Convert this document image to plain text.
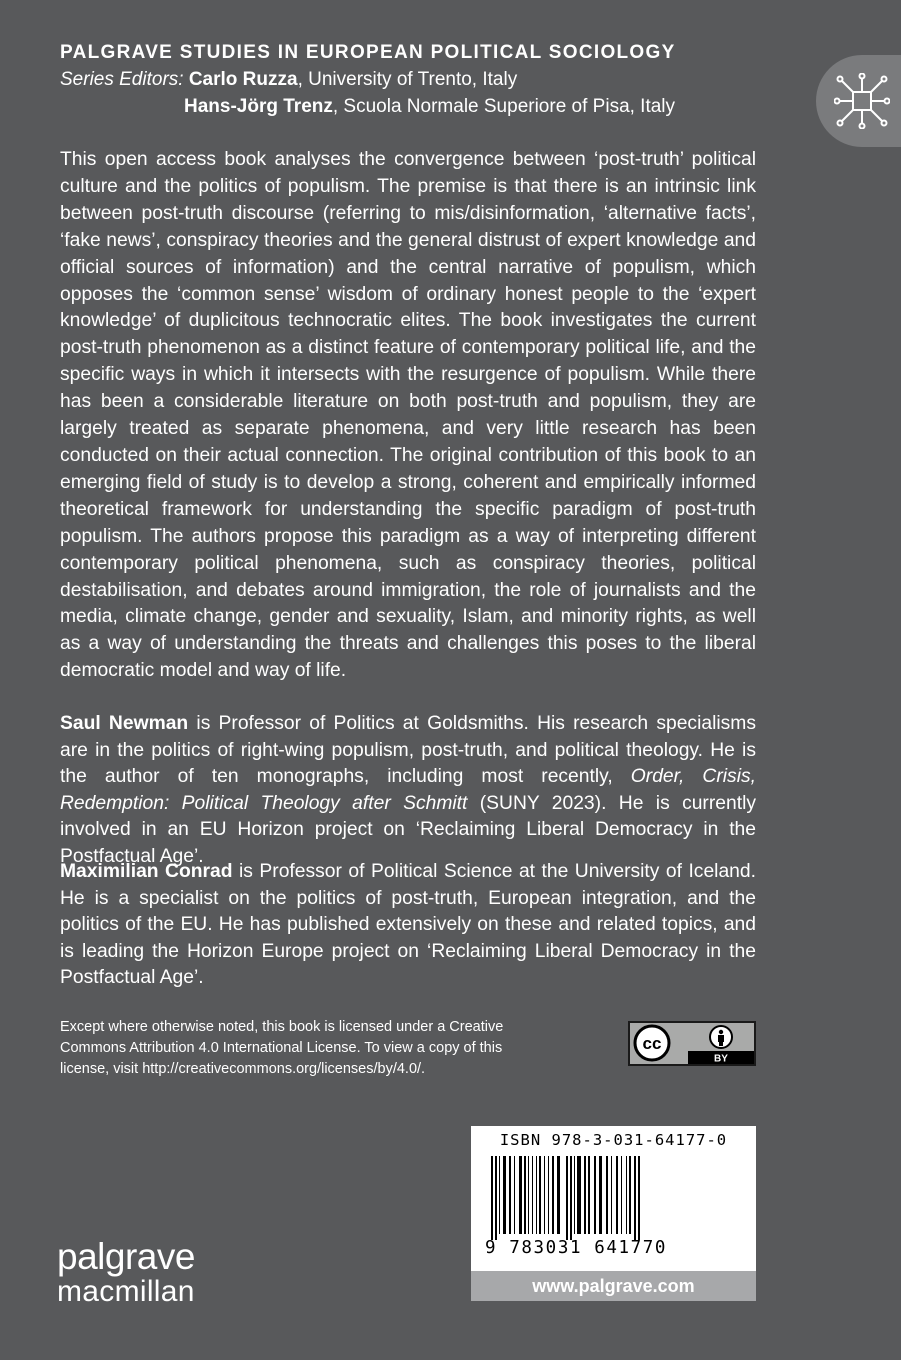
PALGRAVE STUDIES IN EUROPEAN POLITICAL SOCIOLOGY
Series Editors: Carlo Ruzza, University of Trento, Italy
Hans-Jörg Trenz, Scuola Normale Superiore of Pisa, Italy

This open access book analyses the convergence between ‘post-truth’ political culture and the politics of populism. The premise is that there is an intrinsic link between post-truth discourse (referring to mis/disinformation, ‘alternative facts’, ‘fake news’, conspiracy theories and the general distrust of expert knowledge and official sources of information) and the central narrative of populism, which opposes the ‘common sense’ wisdom of ordinary honest people to the ‘expert knowledge’ of duplicitous technocratic elites. The book investigates the current post-truth phenomenon as a distinct feature of contemporary political life, and the specific ways in which it intersects with the resurgence of populism. While there has been a considerable literature on both post-truth and populism, they are largely treated as separate phenomena, and very little research has been conducted on their actual connection. The original contribution of this book to an emerging field of study is to develop a strong, coherent and empirically informed theoretical framework for understanding the specific paradigm of post-truth populism. The authors propose this paradigm as a way of interpreting different contemporary political phenomena, such as conspiracy theories, political destabilisation, and debates around immigration, the role of journalists and the media, climate change, gender and sexuality, Islam, and minority rights, as well as a way of understanding the threats and challenges this poses to the liberal democratic model and way of life.

Saul Newman is Professor of Politics at Goldsmiths. His research specialisms are in the politics of right-wing populism, post-truth, and political theology. He is the author of ten monographs, including most recently, Order, Crisis, Redemption: Political Theology after Schmitt (SUNY 2023). He is currently involved in an EU Horizon project on ‘Reclaiming Liberal Democracy in the Postfactual Age’.

Maximilian Conrad is Professor of Political Science at the University of Iceland. He is a specialist on the politics of post-truth, European integration, and the politics of the EU. He has published extensively on these and related topics, and is leading the Horizon Europe project on ‘Reclaiming Liberal Democracy in the Postfactual Age’.

Except where otherwise noted, this book is licensed under a Creative Commons Attribution 4.0 International License. To view a copy of this license, visit http://creativecommons.org/licenses/by/4.0/.

cc
BY
palgrave
macmillan
ISBN 978-3-031-64177-0
9 783031 641770
www.palgrave.com
